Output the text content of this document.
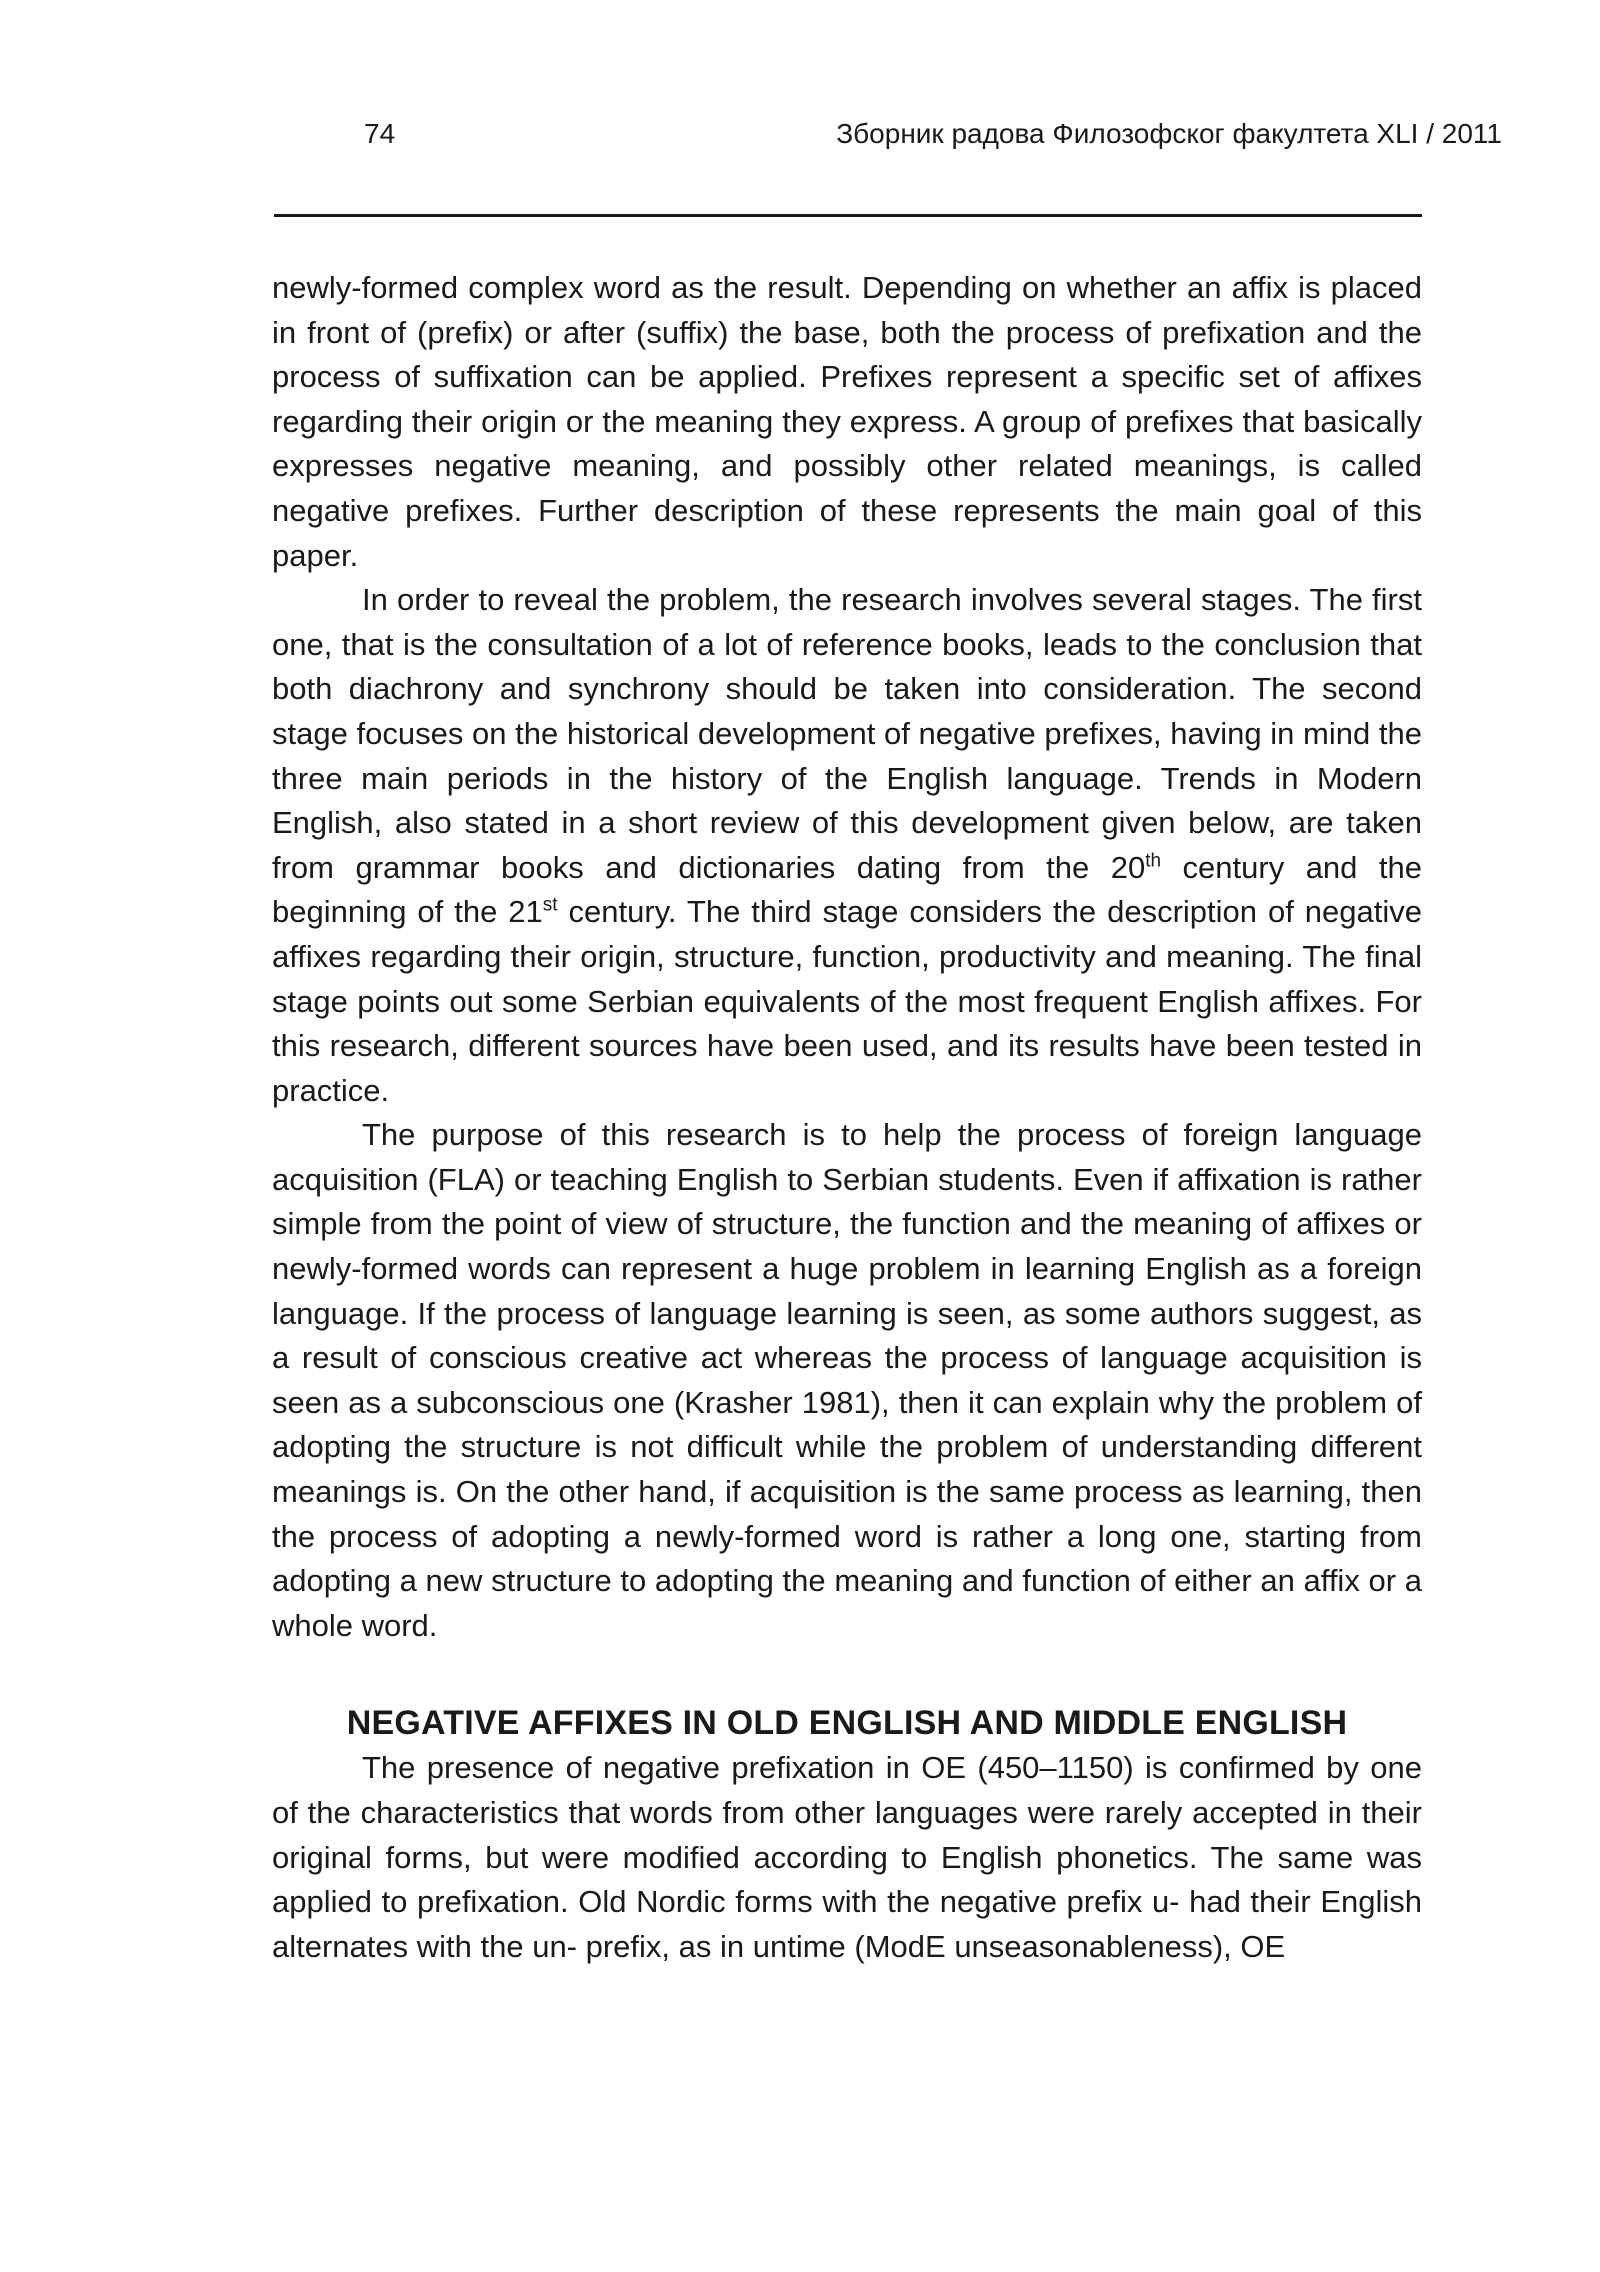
74	Зборник радова Филозофског факултета XLI / 2011

newly-formed complex word as the result. Depending on whether an affix is placed in front of (prefix) or after (suffix) the base, both the process of prefixation and the process of suffixation can be applied. Prefixes represent a specific set of affixes regarding their origin or the meaning they express. A group of prefixes that basically expresses negative meaning, and possibly other related meanings, is called negative prefixes. Further description of these represents the main goal of this paper.

In order to reveal the problem, the research involves several stages. The first one, that is the consultation of a lot of reference books, leads to the conclusion that both diachrony and synchrony should be taken into consideration. The second stage focuses on the historical development of negative prefixes, having in mind the three main periods in the history of the English language. Trends in Modern English, also stated in a short review of this development given below, are taken from grammar books and dictionaries dating from the 20th century and the beginning of the 21st century. The third stage considers the description of negative affixes regarding their origin, structure, function, productivity and meaning. The final stage points out some Serbian equivalents of the most frequent English affixes. For this research, different sources have been used, and its results have been tested in practice.

The purpose of this research is to help the process of foreign language acquisition (FLA) or teaching English to Serbian students. Even if affixation is rather simple from the point of view of structure, the function and the meaning of affixes or newly-formed words can represent a huge problem in learning English as a foreign language. If the process of language learning is seen, as some authors suggest, as a result of conscious creative act whereas the process of language acquisition is seen as a subconscious one (Krasher 1981), then it can explain why the problem of adopting the structure is not difficult while the problem of understanding different meanings is. On the other hand, if acquisition is the same process as learning, then the process of adopting a newly-formed word is rather a long one, starting from adopting a new structure to adopting the meaning and function of either an affix or a whole word.

NEGATIVE AFFIXES IN OLD ENGLISH AND MIDDLE ENGLISH

The presence of negative prefixation in OE (450–1150) is confirmed by one of the characteristics that words from other languages were rarely accepted in their original forms, but were modified according to English phonetics. The same was applied to prefixation. Old Nordic forms with the negative prefix u- had their English alternates with the un- prefix, as in untime (ModE unseasonableness), OE
